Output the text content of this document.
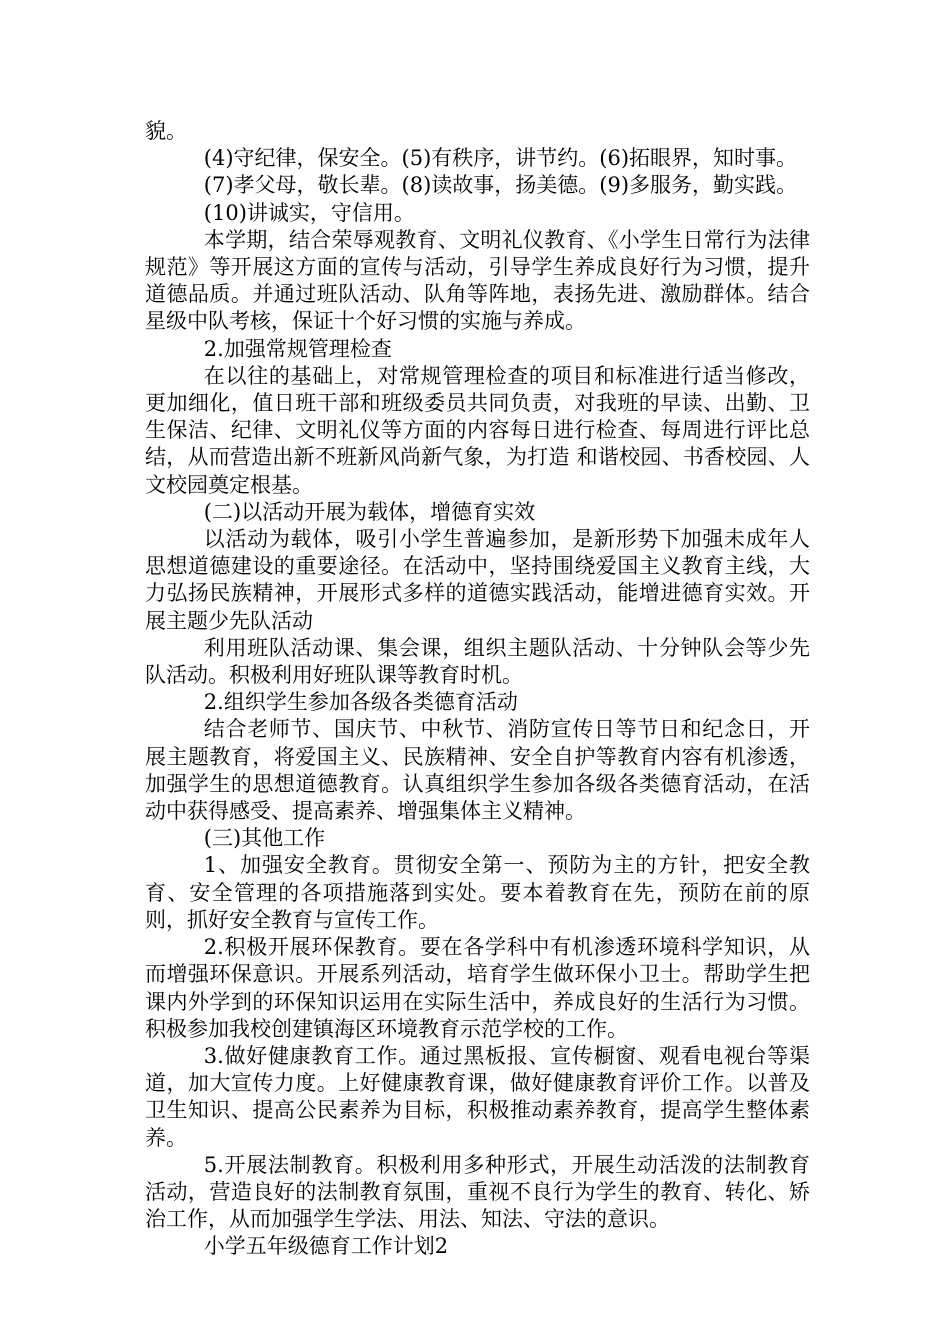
貌。

(4)守纪律，保安全。(5)有秩序，讲节约。(6)拓眼界，知时事。

(7)孝父母，敬长辈。(8)读故事，扬美德。(9)多服务，勤实践。

(10)讲诚实，守信用。

本学期，结合荣辱观教育、文明礼仪教育、《小学生日常行为法律规范》等开展这方面的宣传与活动，引导学生养成良好行为习惯，提升道德品质。并通过班队活动、队角等阵地，表扬先进、激励群体。结合星级中队考核，保证十个好习惯的实施与养成。

2.加强常规管理检查

在以往的基础上，对常规管理检查的项目和标准进行适当修改，更加细化，值日班干部和班级委员共同负责，对我班的早读、出勤、卫生保洁、纪律、文明礼仪等方面的内容每日进行检查、每周进行评比总结，从而营造出新不班新风尚新气象，为打造 和谐校园、书香校园、人文校园奠定根基。

(二)以活动开展为载体，增德育实效

以活动为载体，吸引小学生普遍参加，是新形势下加强未成年人思想道德建设的重要途径。在活动中，坚持围绕爱国主义教育主线，大力弘扬民族精神，开展形式多样的道德实践活动，能增进德育实效。开展主题少先队活动

利用班队活动课、集会课，组织主题队活动、十分钟队会等少先队活动。积极利用好班队课等教育时机。

2.组织学生参加各级各类德育活动

结合老师节、国庆节、中秋节、消防宣传日等节日和纪念日，开展主题教育，将爱国主义、民族精神、安全自护等教育内容有机渗透，加强学生的思想道德教育。认真组织学生参加各级各类德育活动，在活动中获得感受、提高素养、增强集体主义精神。

(三)其他工作

1、加强安全教育。贯彻安全第一、预防为主的方针，把安全教育、安全管理的各项措施落到实处。要本着教育在先，预防在前的原则，抓好安全教育与宣传工作。

2.积极开展环保教育。要在各学科中有机渗透环境科学知识，从而增强环保意识。开展系列活动，培育学生做环保小卫士。帮助学生把课内外学到的环保知识运用在实际生活中，养成良好的生活行为习惯。积极参加我校创建镇海区环境教育示范学校的工作。

3.做好健康教育工作。通过黑板报、宣传橱窗、观看电视台等渠道，加大宣传力度。上好健康教育课，做好健康教育评价工作。以普及卫生知识、提高公民素养为目标，积极推动素养教育，提高学生整体素养。

5.开展法制教育。积极利用多种形式，开展生动活泼的法制教育活动，营造良好的法制教育氛围，重视不良行为学生的教育、转化、矫治工作，从而加强学生学法、用法、知法、守法的意识。

小学五年级德育工作计划2
